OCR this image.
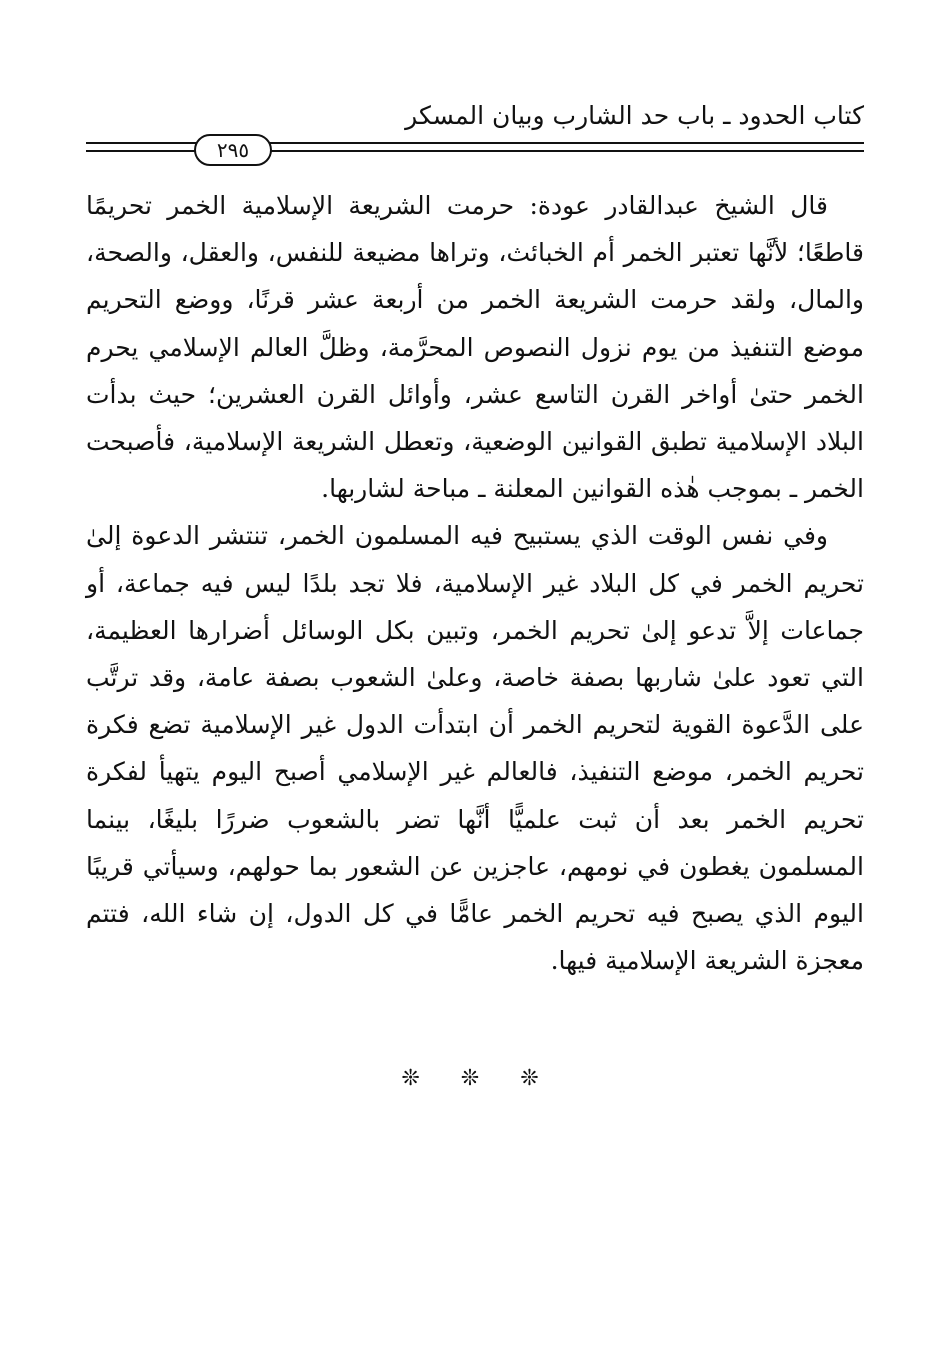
كتاب الحدود ـ باب حد الشارب وبيان المسكر
٢٩٥

قال الشيخ عبدالقادر عودة: حرمت الشريعة الإسلامية الخمر تحريمًا قاطعًا؛ لأنَّها تعتبر الخمر أم الخبائث، وتراها مضيعة للنفس، والعقل، والصحة، والمال، ولقد حرمت الشريعة الخمر من أربعة عشر قرنًا، ووضع التحريم موضع التنفيذ من يوم نزول النصوص المحرَّمة، وظلَّ العالم الإسلامي يحرم الخمر حتىٰ أواخر القرن التاسع عشر، وأوائل القرن العشرين؛ حيث بدأت البلاد الإسلامية تطبق القوانين الوضعية، وتعطل الشريعة الإسلامية، فأصبحت الخمر ـ بموجب هٰذه القوانين المعلنة ـ مباحة لشاربها.

وفي نفس الوقت الذي يستبيح فيه المسلمون الخمر، تنتشر الدعوة إلىٰ تحريم الخمر في كل البلاد غير الإسلامية، فلا تجد بلدًا ليس فيه جماعة، أو جماعات إلاَّ تدعو إلىٰ تحريم الخمر، وتبين بكل الوسائل أضرارها العظيمة، التي تعود علىٰ شاربها بصفة خاصة، وعلىٰ الشعوب بصفة عامة، وقد ترتَّب على الدَّعوة القوية لتحريم الخمر أن ابتدأت الدول غير الإسلامية تضع فكرة تحريم الخمر، موضع التنفيذ، فالعالم غير الإسلامي أصبح اليوم يتهيأ لفكرة تحريم الخمر بعد أن ثبت علميًّا أنَّها تضر بالشعوب ضررًا بليغًا، بينما المسلمون يغطون في نومهم، عاجزين عن الشعور بما حولهم، وسيأتي قريبًا اليوم الذي يصبح فيه تحريم الخمر عامًّا في كل الدول، إن شاء الله، فتتم معجزة الشريعة الإسلامية فيها.

❊ ❊ ❊
